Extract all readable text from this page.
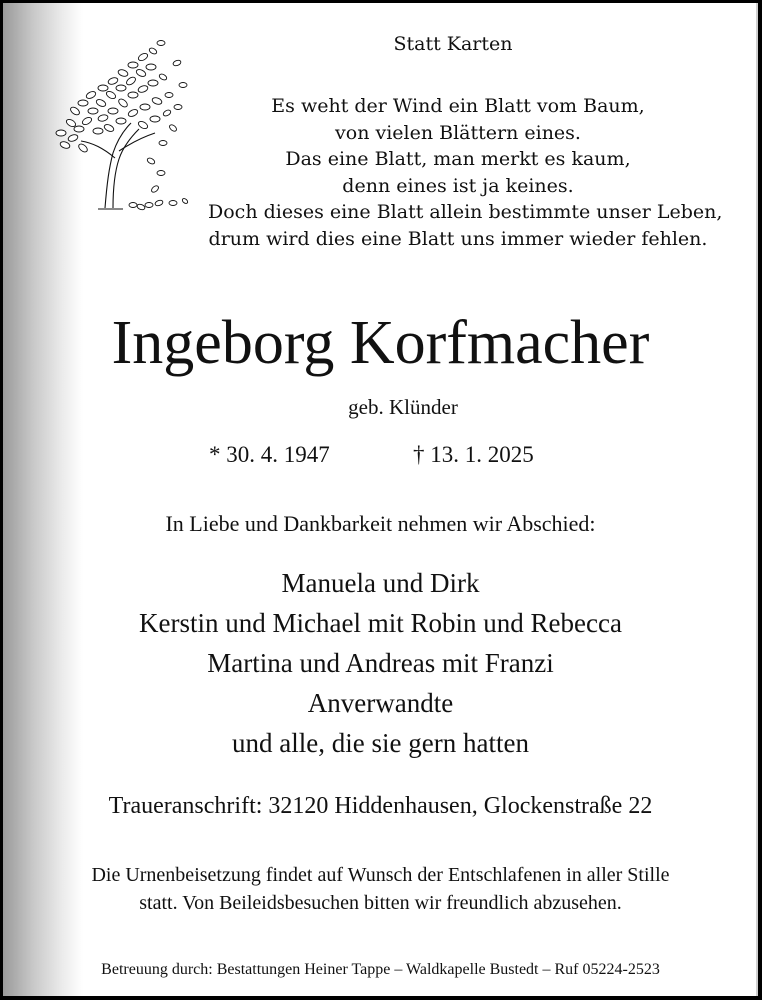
Statt Karten
Es weht der Wind ein Blatt vom Baum,
von vielen Blättern eines.
Das eine Blatt, man merkt es kaum,
denn eines ist ja keines.
Doch dieses eine Blatt allein bestimmte unser Leben,
drum wird dies eine Blatt uns immer wieder fehlen.
Ingeborg Korfmacher
geb. Klünder
* 30. 4. 1947	† 13. 1. 2025
In Liebe und Dankbarkeit nehmen wir Abschied:
Manuela und Dirk
Kerstin und Michael mit Robin und Rebecca
Martina und Andreas mit Franzi
Anverwandte
und alle, die sie gern hatten
Traueranschrift: 32120 Hiddenhausen, Glockenstraße 22
Die Urnenbeisetzung findet auf Wunsch der Entschlafenen in aller Stille
statt. Von Beileidsbesuchen bitten wir freundlich abzusehen.
Betreuung durch: Bestattungen Heiner Tappe – Waldkapelle Bustedt – Ruf 05224-2523
